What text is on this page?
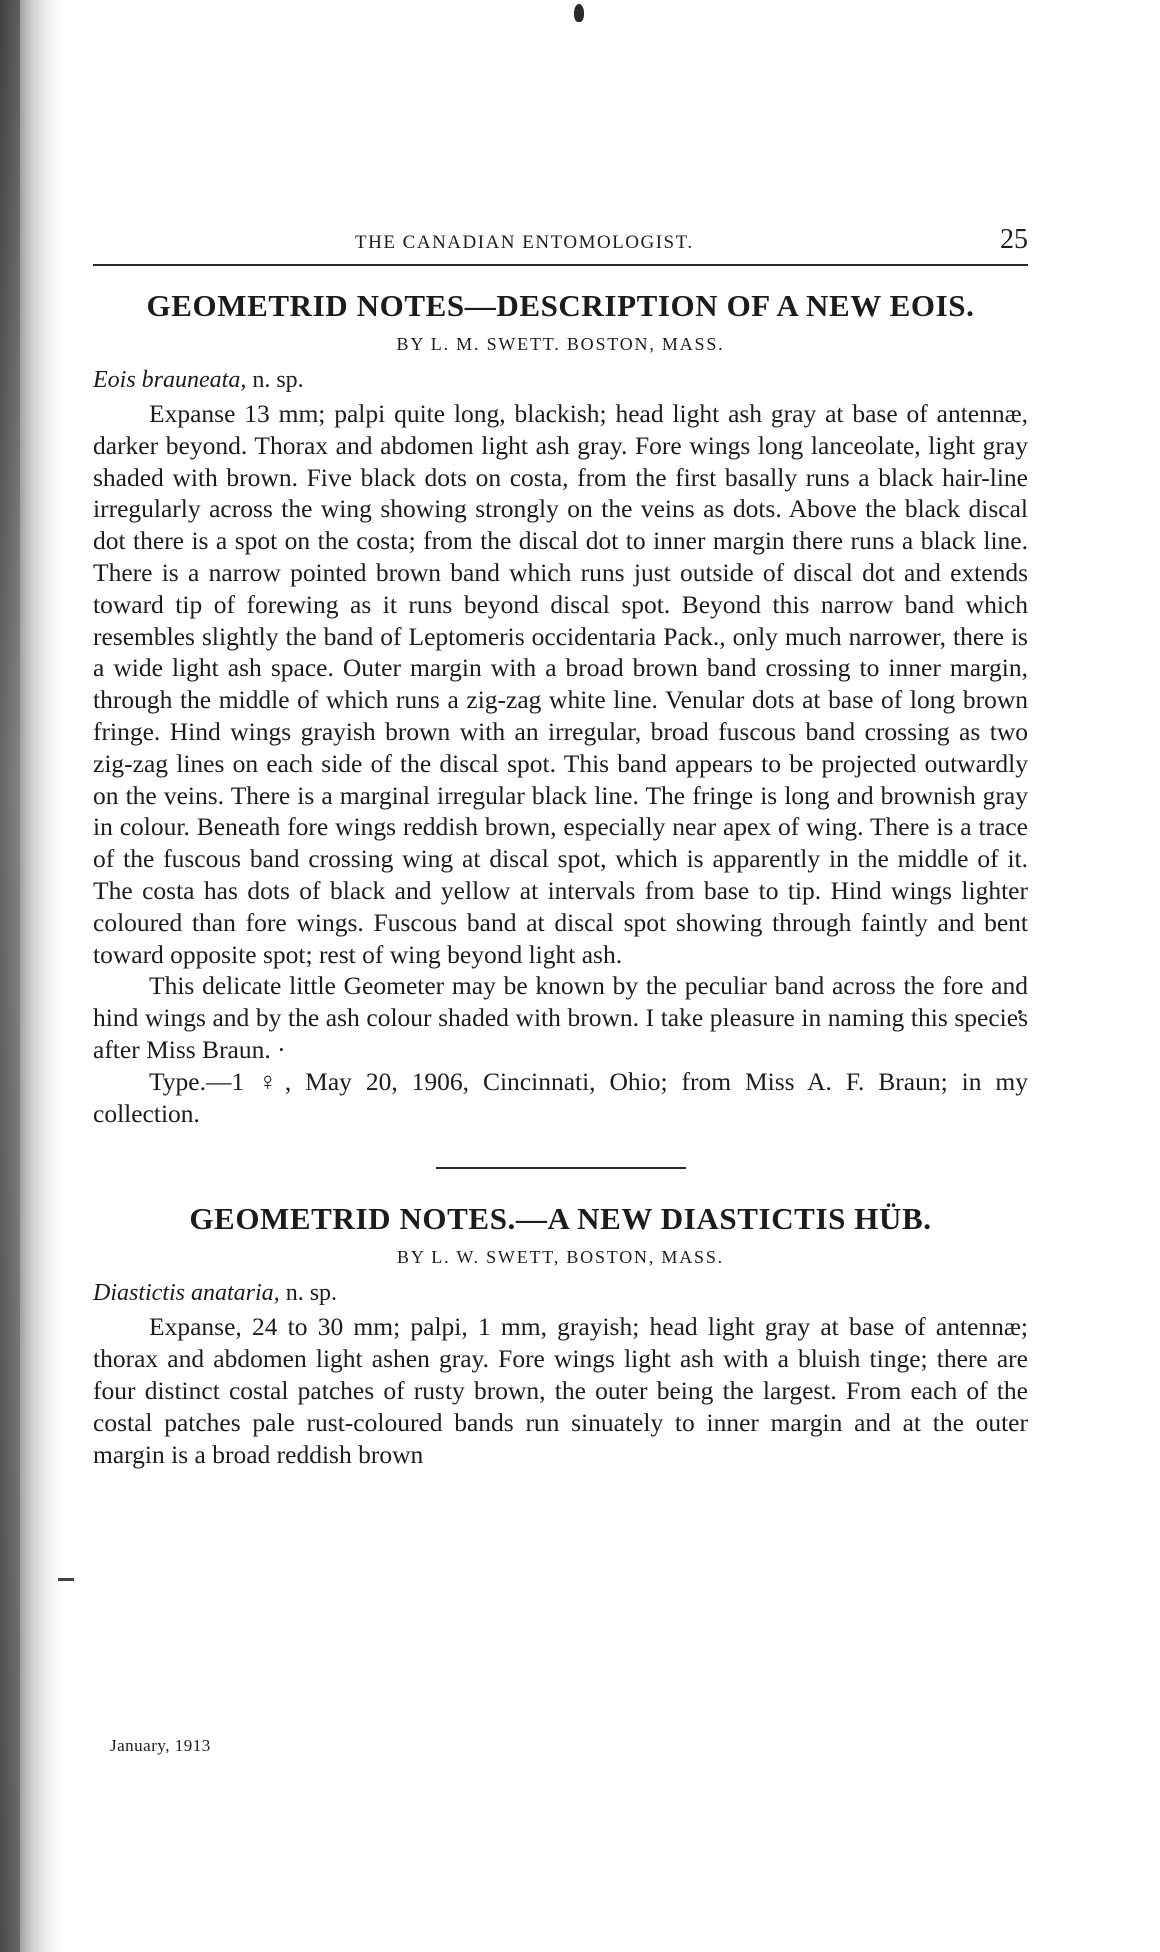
THE CANADIAN ENTOMOLOGIST.	25
GEOMETRID NOTES—DESCRIPTION OF A NEW EOIS.
BY L. M. SWETT. BOSTON, MASS.
Eois brauneata, n. sp.

Expanse 13 mm; palpi quite long, blackish; head light ash gray at base of antennæ, darker beyond. Thorax and abdomen light ash gray. Fore wings long lanceolate, light gray shaded with brown. Five black dots on costa, from the first basally runs a black hair-line irregularly across the wing showing strongly on the veins as dots. Above the black discal dot there is a spot on the costa; from the discal dot to inner margin there runs a black line. There is a narrow pointed brown band which runs just outside of discal dot and extends toward tip of forewing as it runs beyond discal spot. Beyond this narrow band which resembles slightly the band of Leptomeris occidentaria Pack., only much narrower, there is a wide light ash space. Outer margin with a broad brown band crossing to inner margin, through the middle of which runs a zig-zag white line. Venular dots at base of long brown fringe. Hind wings grayish brown with an irregular, broad fuscous band crossing as two zig-zag lines on each side of the discal spot. This band appears to be projected outwardly on the veins. There is a marginal irregular black line. The fringe is long and brownish gray in colour. Beneath fore wings reddish brown, especially near apex of wing. There is a trace of the fuscous band crossing wing at discal spot, which is apparently in the middle of it. The costa has dots of black and yellow at intervals from base to tip. Hind wings lighter coloured than fore wings. Fuscous band at discal spot showing through faintly and bent toward opposite spot; rest of wing beyond light ash.

This delicate little Geometer may be known by the peculiar band across the fore and hind wings and by the ash colour shaded with brown. I take pleasure in naming this species after Miss Braun. ·

Type.—1 ♀, May 20, 1906, Cincinnati, Ohio; from Miss A. F. Braun; in my collection.

GEOMETRID NOTES.—A NEW DIASTICTIS HÜB.
BY L. W. SWETT, BOSTON, MASS.
Diastictis anataria, n. sp.

Expanse, 24 to 30 mm; palpi, 1 mm, grayish; head light gray at base of antennæ; thorax and abdomen light ashen gray. Fore wings light ash with a bluish tinge; there are four distinct costal patches of rusty brown, the outer being the largest. From each of the costal patches pale rust-coloured bands run sinuately to inner margin and at the outer margin is a broad reddish brown

January, 1913
